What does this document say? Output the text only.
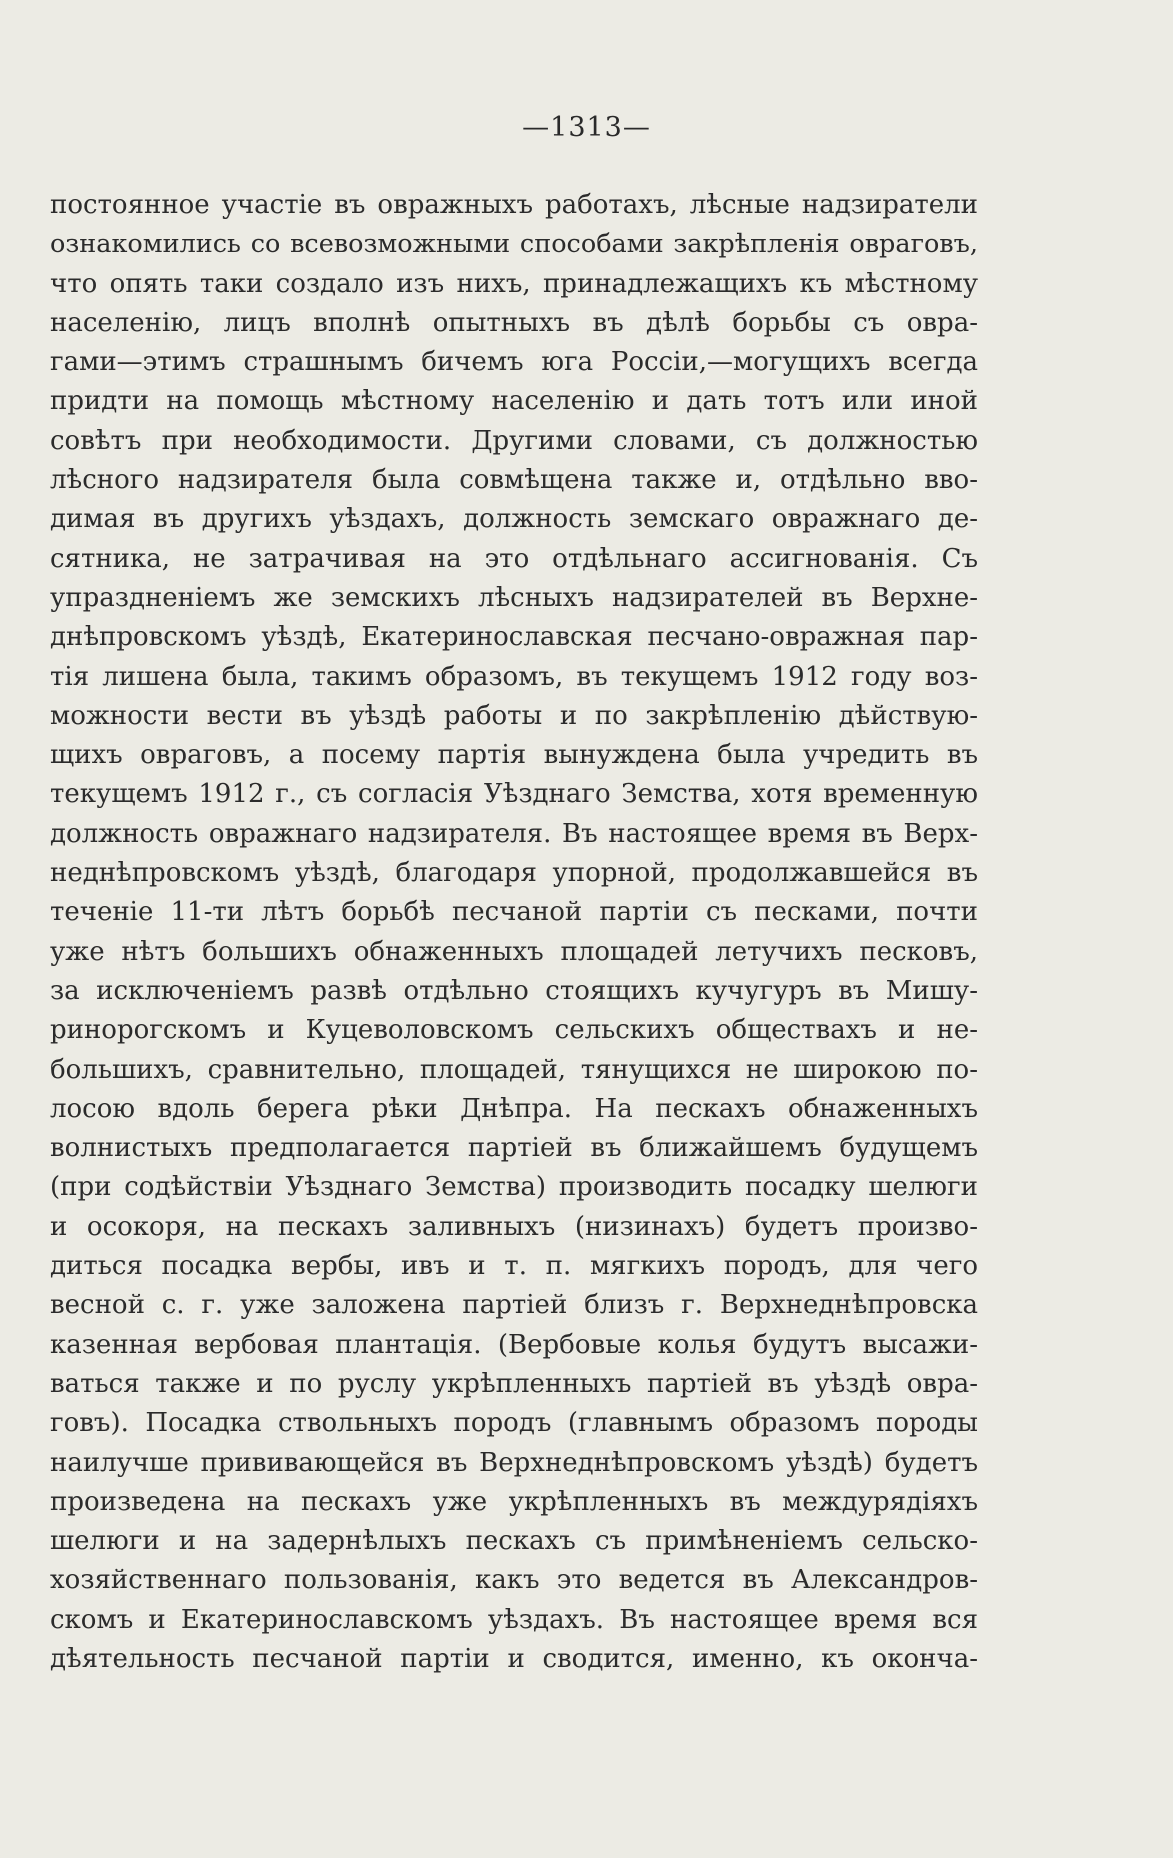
—1313—
постоянное участіе въ овражныхъ работахъ, лѣсные надзиратели
ознакомились со всевозможными способами закрѣпленія овраговъ,
что опять таки создало изъ нихъ, принадлежащихъ къ мѣстному
населенію, лицъ вполнѣ опытныхъ въ дѣлѣ борьбы съ овра-
гами—этимъ страшнымъ бичемъ юга Россіи,—могущихъ всегда
придти на помощь мѣстному населенію и дать тотъ или иной
совѣтъ при необходимости. Другими словами, съ должностью
лѣсного надзирателя была совмѣщена также и, отдѣльно вво-
димая въ другихъ уѣздахъ, должность земскаго овражнаго де-
сятника, не затрачивая на это отдѣльнаго ассигнованія. Съ
упраздненіемъ же земскихъ лѣсныхъ надзирателей въ Верхне-
днѣпровскомъ уѣздѣ, Екатеринославская песчано-овражная пар-
тія лишена была, такимъ образомъ, въ текущемъ 1912 году воз-
можности вести въ уѣздѣ работы и по закрѣпленію дѣйствую-
щихъ овраговъ, а посему партія вынуждена была учредить въ
текущемъ 1912 г., съ согласія Уѣзднаго Земства, хотя временную
должность овражнаго надзирателя. Въ настоящее время въ Верх-
неднѣпровскомъ уѣздѣ, благодаря упорной, продолжавшейся въ
теченіе 11-ти лѣтъ борьбѣ песчаной партіи съ песками, почти
уже нѣтъ большихъ обнаженныхъ площадей летучихъ песковъ,
за исключеніемъ развѣ отдѣльно стоящихъ кучугуръ въ Мишу-
ринорогскомъ и Куцеволовскомъ сельскихъ обществахъ и не-
большихъ, сравнительно, площадей, тянущихся не широкою по-
лосою вдоль берега рѣки Днѣпра. На пескахъ обнаженныхъ
волнистыхъ предполагается партіей въ ближайшемъ будущемъ
(при содѣйствіи Уѣзднаго Земства) производить посадку шелюги
и осокоря, на пескахъ заливныхъ (низинахъ) будетъ произво-
диться посадка вербы, ивъ и т. п. мягкихъ породъ, для чего
весной с. г. уже заложена партіей близъ г. Верхнеднѣпровска
казенная вербовая плантація. (Вербовые колья будутъ высажи-
ваться также и по руслу укрѣпленныхъ партіей въ уѣздѣ овра-
говъ). Посадка ствольныхъ породъ (главнымъ образомъ породы
наилучше прививающейся въ Верхнеднѣпровскомъ уѣздѣ) будетъ
произведена на пескахъ уже укрѣпленныхъ въ междурядіяхъ
шелюги и на задернѣлыхъ пескахъ съ примѣненіемъ сельско-
хозяйственнаго пользованія, какъ это ведется въ Александров-
скомъ и Екатеринославскомъ уѣздахъ. Въ настоящее время вся
дѣятельность песчаной партіи и сводится, именно, къ оконча-
